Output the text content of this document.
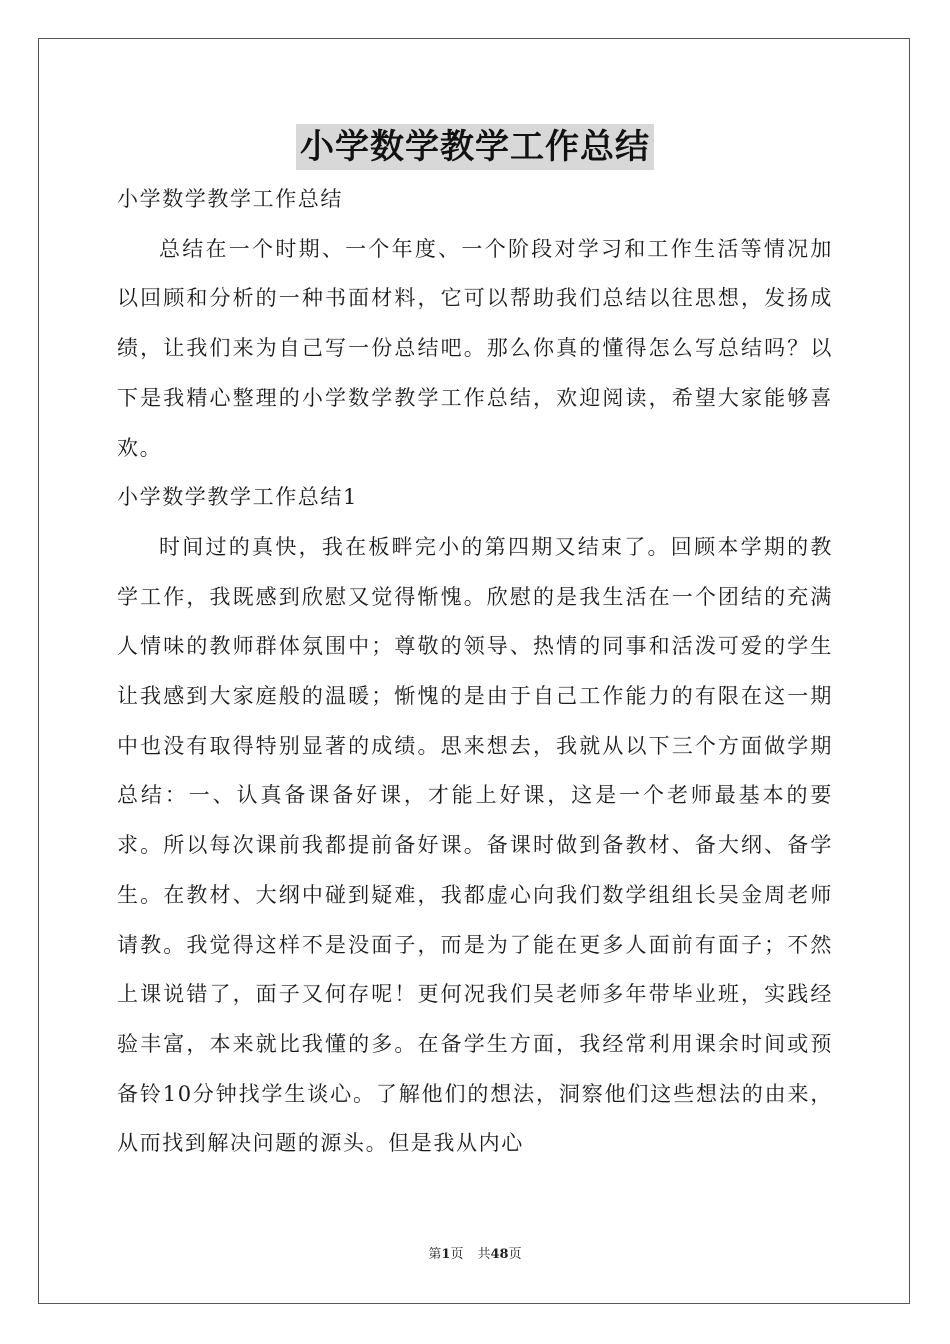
小学数学教学工作总结

小学数学教学工作总结

总结在一个时期、一个年度、一个阶段对学习和工作生活等情况加以回顾和分析的一种书面材料，它可以帮助我们总结以往思想，发扬成绩，让我们来为自己写一份总结吧。那么你真的懂得怎么写总结吗？以下是我精心整理的小学数学教学工作总结，欢迎阅读，希望大家能够喜欢。

小学数学教学工作总结1

时间过的真快，我在板畔完小的第四期又结束了。回顾本学期的教学工作，我既感到欣慰又觉得惭愧。欣慰的是我生活在一个团结的充满人情味的教师群体氛围中；尊敬的领导、热情的同事和活泼可爱的学生让我感到大家庭般的温暖；惭愧的是由于自己工作能力的有限在这一期中也没有取得特别显著的成绩。思来想去，我就从以下三个方面做学期总结：一、认真备课备好课，才能上好课，这是一个老师最基本的要求。所以每次课前我都提前备好课。备课时做到备教材、备大纲、备学生。在教材、大纲中碰到疑难，我都虚心向我们数学组组长吴金周老师请教。我觉得这样不是没面子，而是为了能在更多人面前有面子；不然上课说错了，面子又何存呢！更何况我们吴老师多年带毕业班，实践经验丰富，本来就比我懂的多。在备学生方面，我经常利用课余时间或预备铃10分钟找学生谈心。了解他们的想法，洞察他们这些想法的由来，从而找到解决问题的源头。但是我从内心

第1页 共48页
